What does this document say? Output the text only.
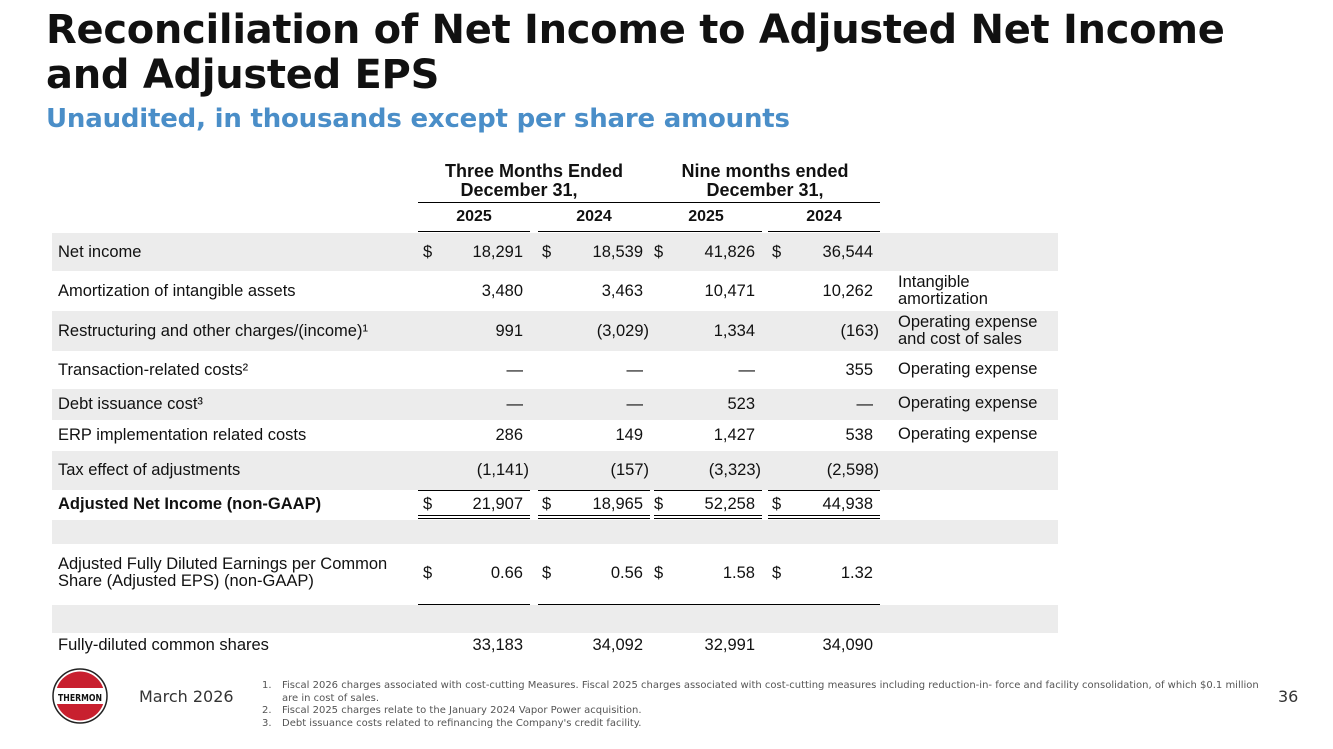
Reconciliation of Net Income to Adjusted Net Income and Adjusted EPS
Unaudited, in thousands except per share amounts
Three Months Ended
December 31,
Nine months ended
December 31,
2025	2024	2025	2024
Net income	$ 18,291 $	18,539 $	41,826 $	36,544
Amortization of intangible assets	3,480	3,463	10,471	10,262 Intangible amortization
Restructuring and other charges/(income)¹	991	(3,029)	1,334	(163) Operating expense and cost of sales
Transaction-related costs²	—	—	—	355 Operating expense
Debt issuance cost³	—	—	523	— Operating expense
ERP implementation related costs	286	149	1,427	538 Operating expense
Tax effect of adjustments	(1,141)	(157)	(3,323)	(2,598)
Adjusted Net Income (non-GAAP)	$ 21,907 $	18,965 $	52,258 $	44,938
Adjusted Fully Diluted Earnings per Common Share (Adjusted EPS) (non-GAAP)	$	0.66 $	0.56 $	1.58 $	1.32
Fully-diluted common shares	33,183	34,092	32,991	34,090
THERMON March 2026
1. Fiscal 2026 charges associated with cost-cutting Measures. Fiscal 2025 charges associated with cost-cutting measures including reduction-in- force and facility consolidation, of which $0.1 million are in cost of sales.
2. Fiscal 2025 charges relate to the January 2024 Vapor Power acquisition.
3. Debt issuance costs related to refinancing the Company's credit facility.
36
